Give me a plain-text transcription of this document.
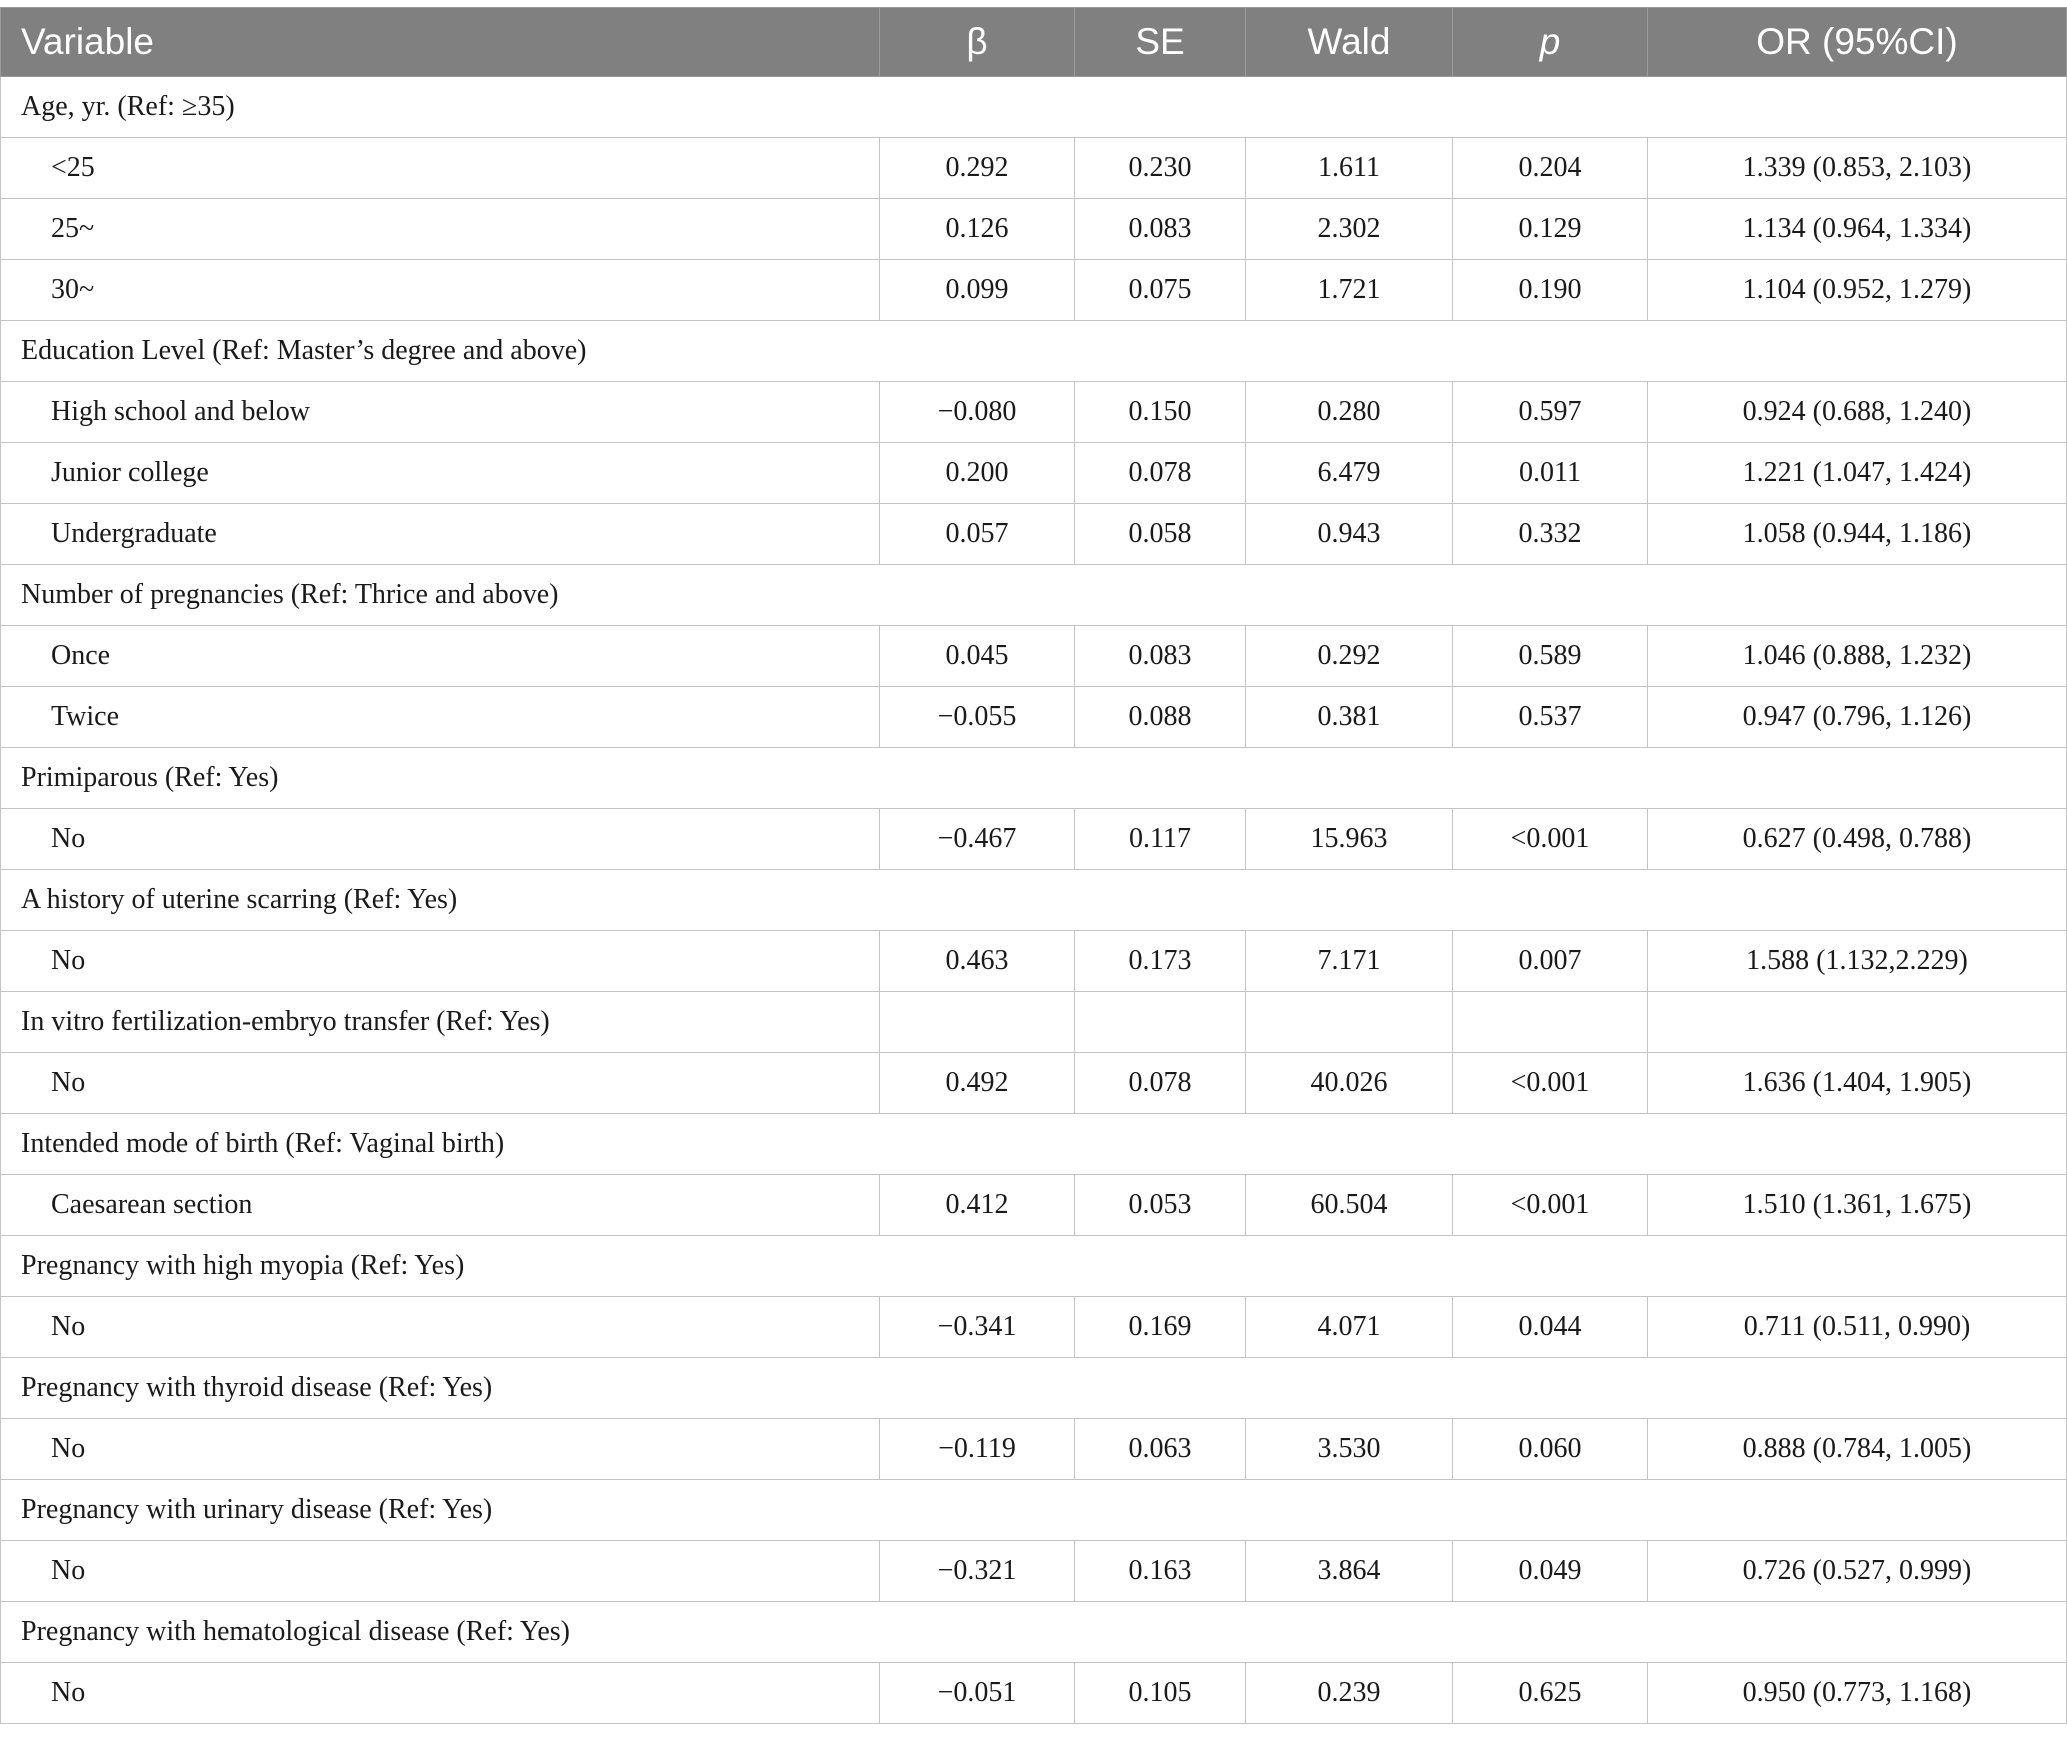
Variable	β	SE	Wald	p	OR (95%CI)
Age, yr. (Ref: ≥35)					
<25	0.292	0.230	1.611	0.204	1.339 (0.853, 2.103)
25~	0.126	0.083	2.302	0.129	1.134 (0.964, 1.334)
30~	0.099	0.075	1.721	0.190	1.104 (0.952, 1.279)
Education Level (Ref: Master’s degree and above)					
High school and below	−0.080	0.150	0.280	0.597	0.924 (0.688, 1.240)
Junior college	0.200	0.078	6.479	0.011	1.221 (1.047, 1.424)
Undergraduate	0.057	0.058	0.943	0.332	1.058 (0.944, 1.186)
Number of pregnancies (Ref: Thrice and above)					
Once	0.045	0.083	0.292	0.589	1.046 (0.888, 1.232)
Twice	−0.055	0.088	0.381	0.537	0.947 (0.796, 1.126)
Primiparous (Ref: Yes)					
No	−0.467	0.117	15.963	<0.001	0.627 (0.498, 0.788)
A history of uterine scarring (Ref: Yes)					
No	0.463	0.173	7.171	0.007	1.588 (1.132,2.229)
In vitro fertilization-embryo transfer (Ref: Yes)					
No	0.492	0.078	40.026	<0.001	1.636 (1.404, 1.905)
Intended mode of birth (Ref: Vaginal birth)					
Caesarean section	0.412	0.053	60.504	<0.001	1.510 (1.361, 1.675)
Pregnancy with high myopia (Ref: Yes)					
No	−0.341	0.169	4.071	0.044	0.711 (0.511, 0.990)
Pregnancy with thyroid disease (Ref: Yes)					
No	−0.119	0.063	3.530	0.060	0.888 (0.784, 1.005)
Pregnancy with urinary disease (Ref: Yes)					
No	−0.321	0.163	3.864	0.049	0.726 (0.527, 0.999)
Pregnancy with hematological disease (Ref: Yes)					
No	−0.051	0.105	0.239	0.625	0.950 (0.773, 1.168)
